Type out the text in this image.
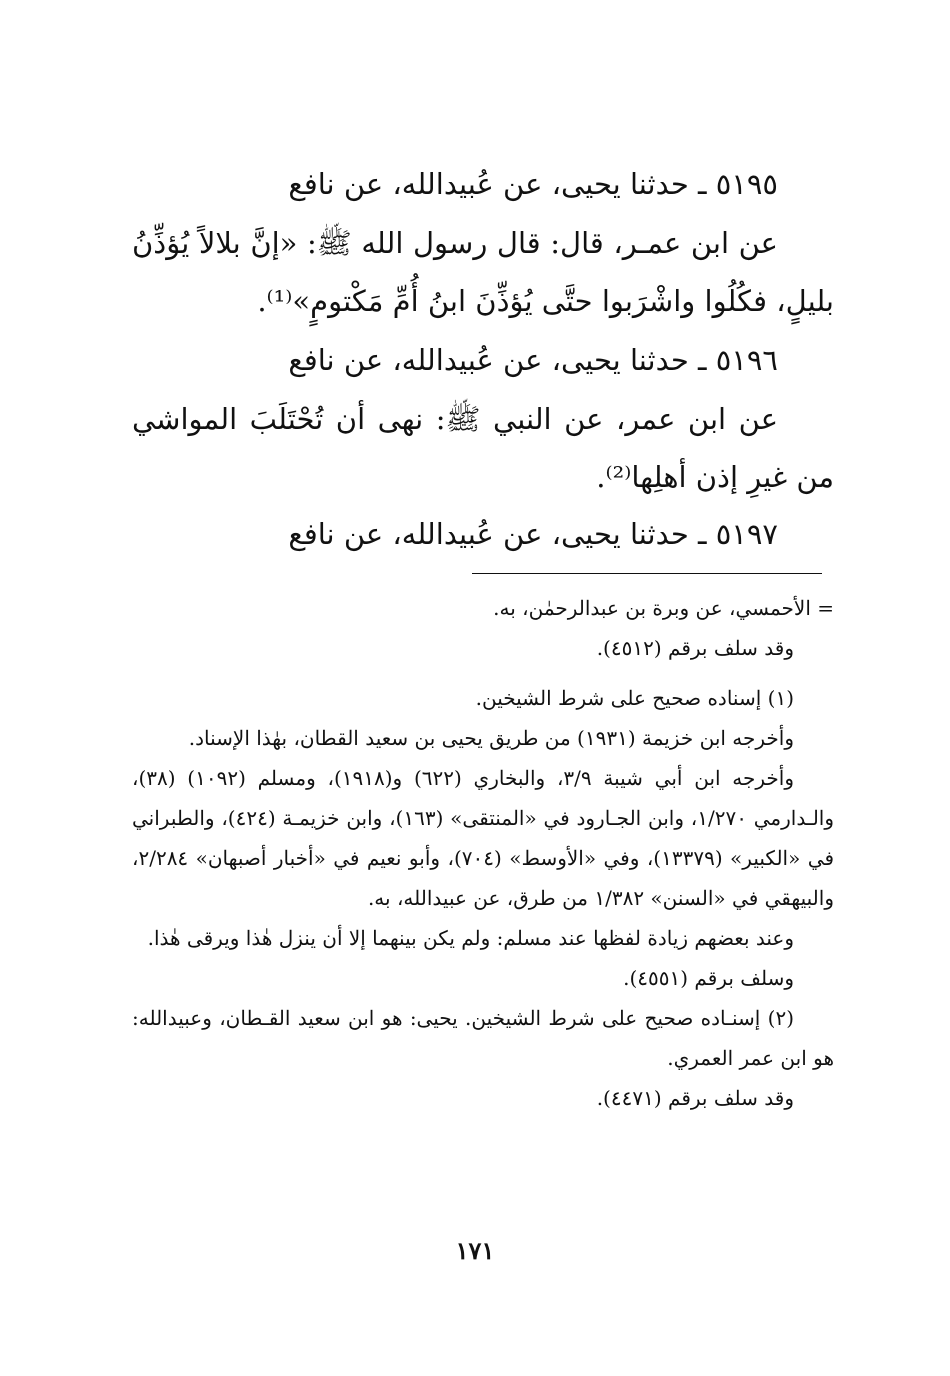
٥١٩٥ ـ حدثنا يحيى، عن عُبيدالله، عن نافع
عن ابن عمـر، قال: قال رسول الله ﷺ: «إنَّ بلالاً يُؤذِّنُ بليلٍ، فكُلُوا واشْرَبوا حتَّى يُؤذِّنَ ابنُ أُمِّ مَكْتومٍ»⁽¹⁾.
٥١٩٦ ـ حدثنا يحيى، عن عُبيدالله، عن نافع
عن ابن عمر، عن النبي ﷺ: نهى أن تُحْتَلَبَ المواشي من غيرِ إذن أهلِها⁽²⁾.
٥١٩٧ ـ حدثنا يحيى، عن عُبيدالله، عن نافع
= الأحمسي، عن وبرة بن عبدالرحمٰن، به.
وقد سلف برقم (٤٥١٢).
(١) إسناده صحيح على شرط الشيخين.
وأخرجه ابن خزيمة (١٩٣١) من طريق يحيى بن سعيد القطان، بهٰذا الإسناد.
وأخرجه ابن أبي شيبة ٣/٩، والبخاري (٦٢٢) و(١٩١٨)، ومسلم (١٠٩٢) (٣٨)، والـدارمي ١/٢٧٠، وابن الجـارود في «المنتقى» (١٦٣)، وابن خزيمـة (٤٢٤)، والطبراني في «الكبير» (١٣٣٧٩)، وفي «الأوسط» (٧٠٤)، وأبو نعيم في «أخبار أصبهان» ٢/٢٨٤، والبيهقي في «السنن» ١/٣٨٢ من طرق، عن عبيدالله، به.
وعند بعضهم زيادة لفظها عند مسلم: ولم يكن بينهما إلا أن ينزل هٰذا ويرقى هٰذا.
وسلف برقم (٤٥٥١).
(٢) إسنـاده صحيح على شرط الشيخين. يحيى: هو ابن سعيد القـطان، وعبيدالله: هو ابن عمر العمري.
وقد سلف برقم (٤٤٧١).
١٧١
